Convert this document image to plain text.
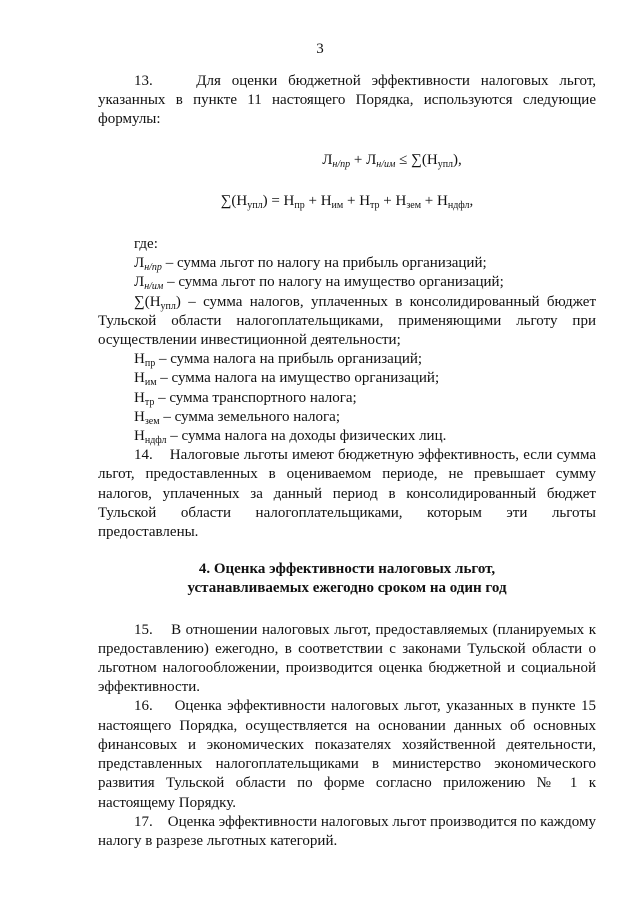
3

13.    Для оценки бюджетной эффективности налоговых льгот, указанных в пункте 11 настоящего Порядка, используются следующие формулы:

$Л_{н/пр} + Л_{н/им} \le \sum(Н_{упл})$,

$\sum(Н_{упл}) = Н_{пр} + Н_{им} + Н_{тр} + Н_{зем} + Н_{ндфл}$,

где:

$Л_{н/пр}$ – сумма льгот по налогу на прибыль организаций;

$Л_{н/им}$ – сумма льгот по налогу на имущество организаций;

$\sum(Н_{упл})$ – сумма налогов, уплаченных в консолидированный бюджет Тульской области налогоплательщиками, применяющими льготу при осуществлении инвестиционной деятельности;

$Н_{пр}$ – сумма налога на прибыль организаций;

$Н_{им}$ – сумма налога на имущество организаций;

$Н_{тр}$ – сумма транспортного налога;

$Н_{зем}$ – сумма земельного налога;

$Н_{ндфл}$ – сумма налога на доходы физических лиц.

14.    Налоговые льготы имеют бюджетную эффективность, если сумма льгот, предоставленных в оцениваемом периоде, не превышает сумму налогов, уплаченных за данный период в консолидированный бюджет Тульской области налогоплательщиками, которым эти льготы предоставлены.

4. Оценка эффективности налоговых льгот,
устанавливаемых ежегодно сроком на один год

15.    В отношении налоговых льгот, предоставляемых (планируемых к предоставлению) ежегодно, в соответствии с законами Тульской области о льготном налогообложении, производится оценка бюджетной и социальной эффективности.

16.    Оценка эффективности налоговых льгот, указанных в пункте 15 настоящего Порядка, осуществляется на основании данных об основных финансовых и экономических показателях хозяйственной деятельности, представленных налогоплательщиками в министерство экономического развития Тульской области по форме согласно приложению № 1 к настоящему Порядку.

17.    Оценка эффективности налоговых льгот производится по каждому налогу в разрезе льготных категорий.
